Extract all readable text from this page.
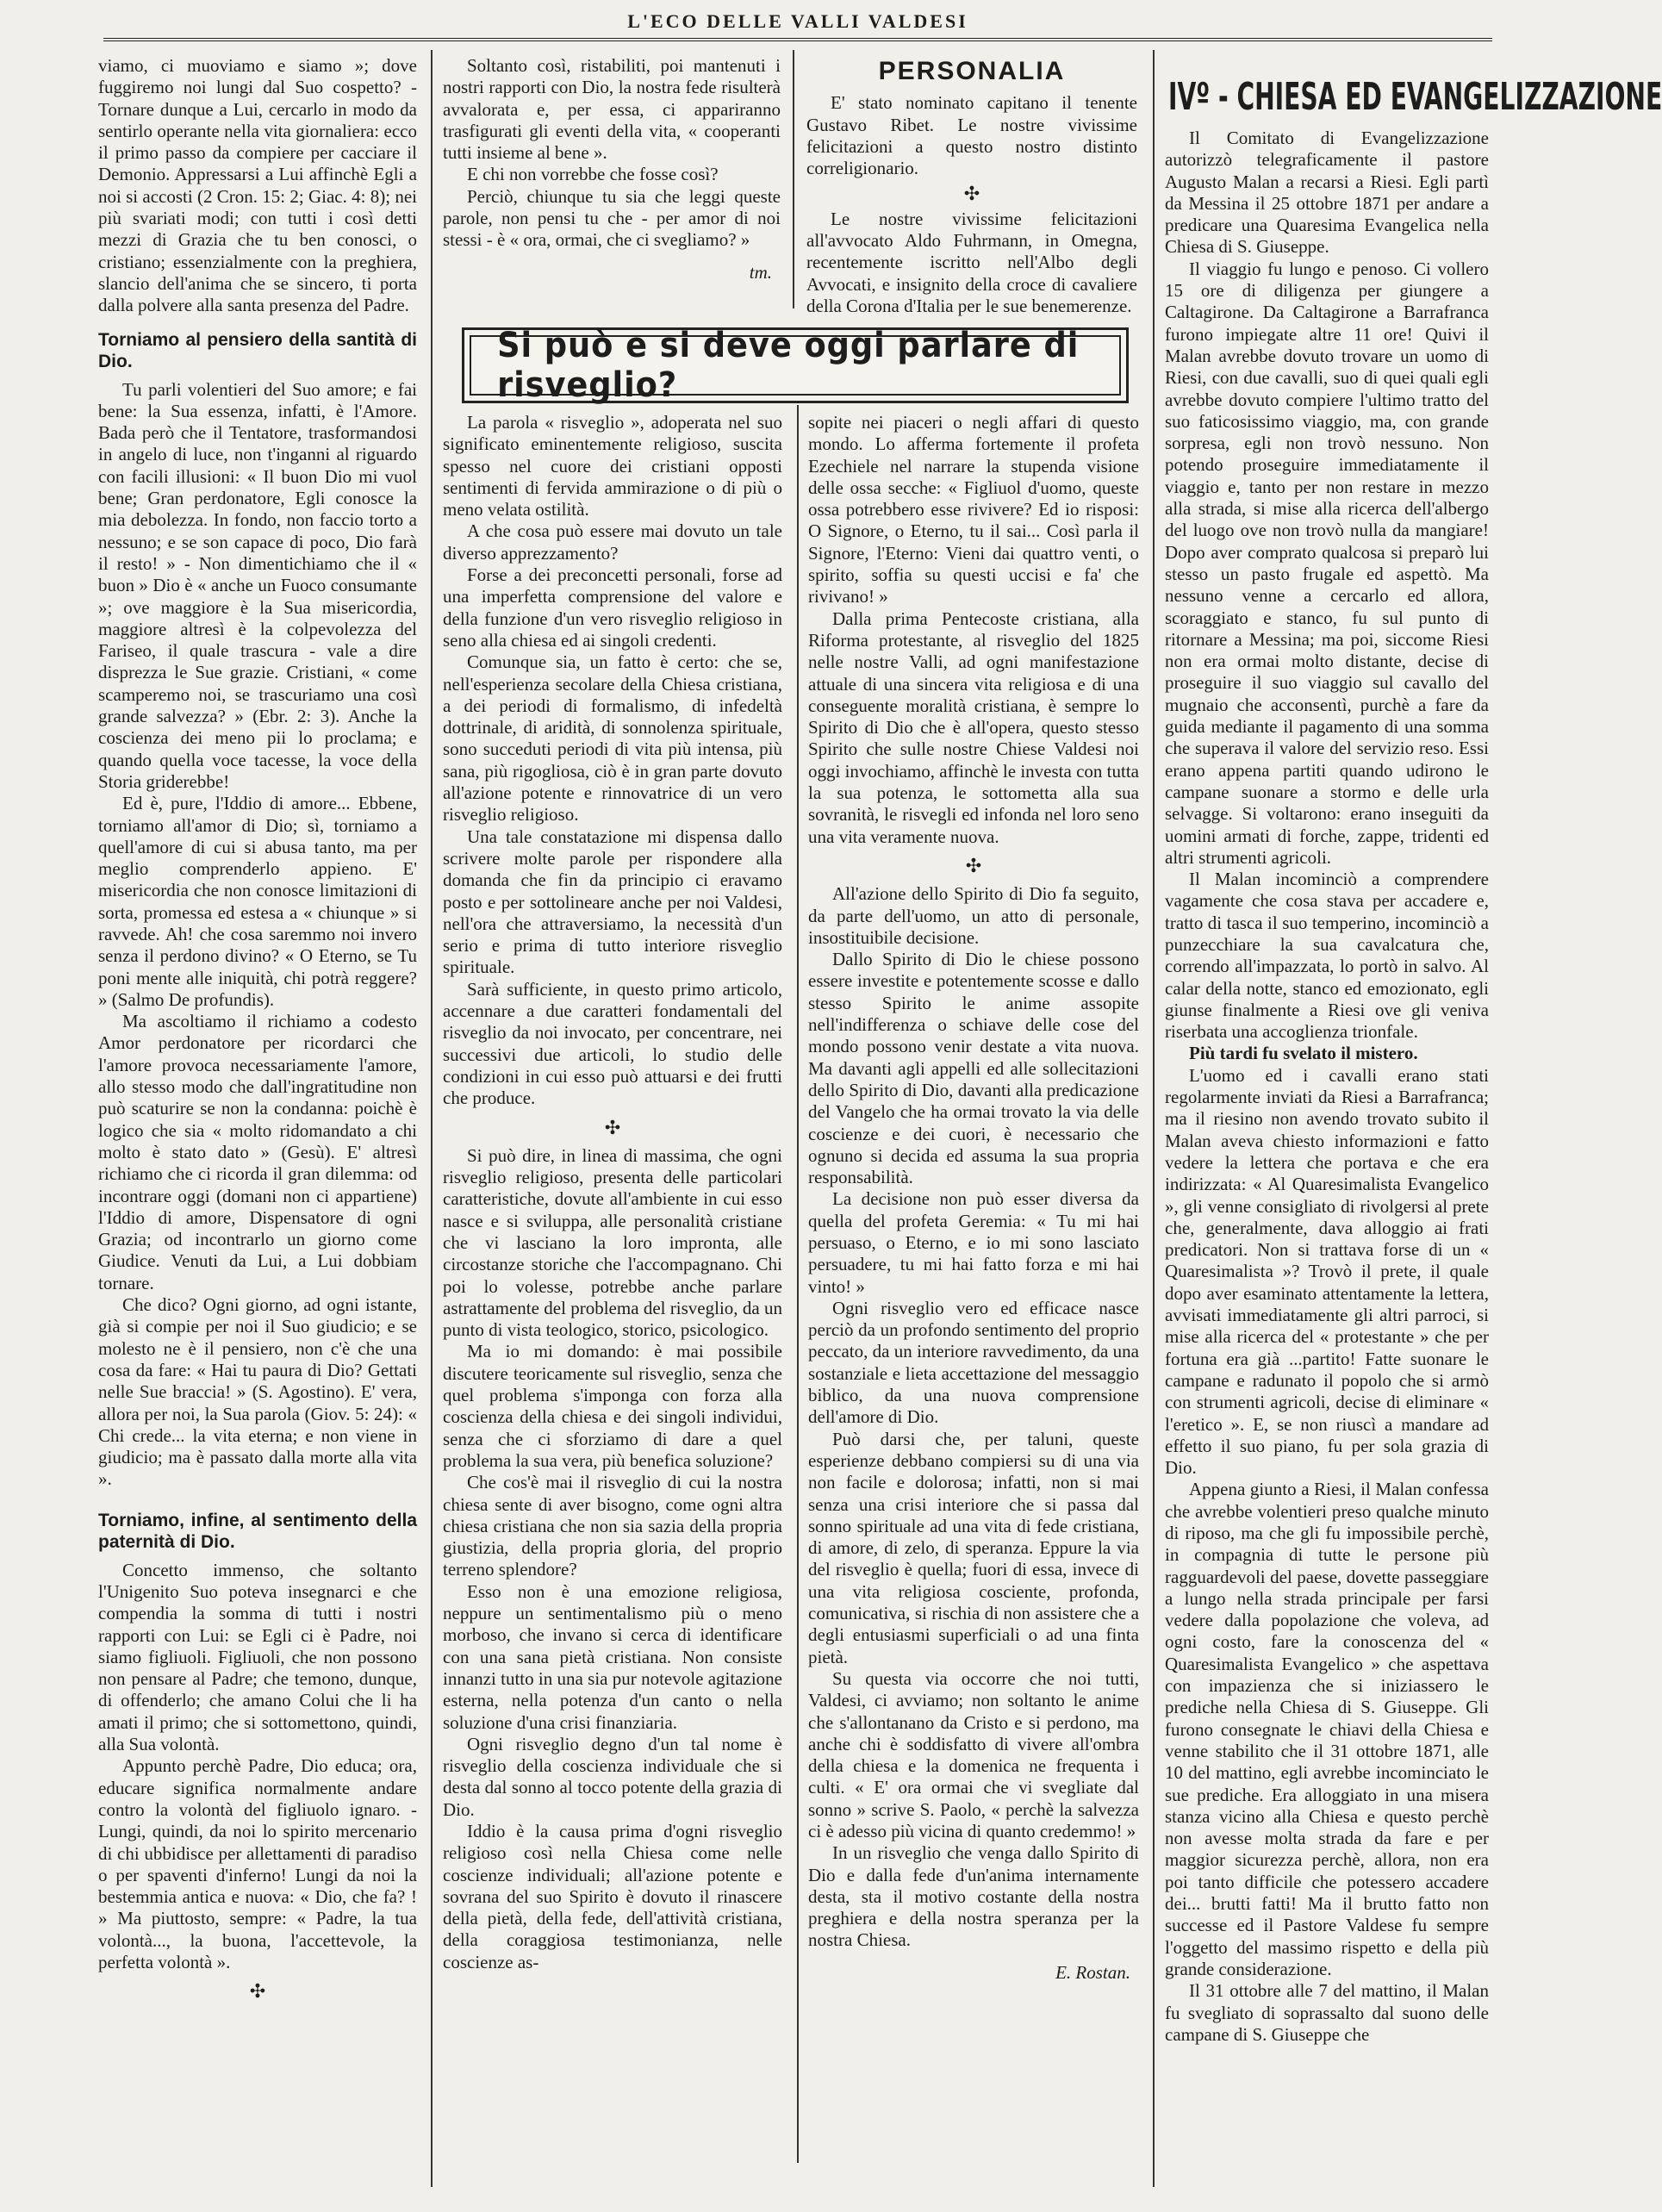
L'ECO DELLE VALLI VALDESI

viamo, ci muoviamo e siamo »; dove fuggiremo noi lungi dal Suo cospetto? - Tornare dunque a Lui, cercarlo in modo da sentirlo operante nella vita giornaliera: ecco il primo passo da compiere per cacciare il Demonio. Appressarsi a Lui affinchè Egli a noi si accosti (2 Cron. 15: 2; Giac. 4: 8); nei più svariati modi; con tutti i così detti mezzi di Grazia che tu ben conosci, o cristiano; essenzialmente con la preghiera, slancio dell'anima che se sincero, ti porta dalla polvere alla santa presenza del Padre.

Torniamo al pensiero della santità di Dio.

Tu parli volentieri del Suo amore; e fai bene: la Sua essenza, infatti, è l'Amore. Bada però che il Tentatore, trasformandosi in angelo di luce, non t'inganni al riguardo con facili illusioni: « Il buon Dio mi vuol bene; Gran perdonatore, Egli conosce la mia debolezza. In fondo, non faccio torto a nessuno; e se son capace di poco, Dio farà il resto! » - Non dimentichiamo che il « buon » Dio è « anche un Fuoco consumante »; ove maggiore è la Sua misericordia, maggiore altresì è la colpevolezza del Fariseo, il quale trascura - vale a dire disprezza le Sue grazie. Cristiani, « come scamperemo noi, se trascuriamo una così grande salvezza? » (Ebr. 2: 3). Anche la coscienza dei meno pii lo proclama; e quando quella voce tacesse, la voce della Storia griderebbe!

Ed è, pure, l'Iddio di amore... Ebbene, torniamo all'amor di Dio; sì, torniamo a quell'amore di cui si abusa tanto, ma per meglio comprenderlo appieno. E' misericordia che non conosce limitazioni di sorta, promessa ed estesa a « chiunque » si ravvede. Ah! che cosa saremmo noi invero senza il perdono divino? « O Eterno, se Tu poni mente alle iniquità, chi potrà reggere? » (Salmo De profundis).

Ma ascoltiamo il richiamo a codesto Amor perdonatore per ricordarci che l'amore provoca necessariamente l'amore, allo stesso modo che dall'ingratitudine non può scaturire se non la condanna: poichè è logico che sia « molto ridomandato a chi molto è stato dato » (Gesù). E' altresì richiamo che ci ricorda il gran dilemma: od incontrare oggi (domani non ci appartiene) l'Iddio di amore, Dispensatore di ogni Grazia; od incontrarlo un giorno come Giudice. Venuti da Lui, a Lui dobbiam tornare.

Che dico? Ogni giorno, ad ogni istante, già si compie per noi il Suo giudicio; e se molesto ne è il pensiero, non c'è che una cosa da fare: « Hai tu paura di Dio? Gettati nelle Sue braccia! » (S. Agostino). E' vera, allora per noi, la Sua parola (Giov. 5: 24): « Chi crede... la vita eterna; e non viene in giudicio; ma è passato dalla morte alla vita ».

Torniamo, infine, al sentimento della paternità di Dio.

Concetto immenso, che soltanto l'Unigenito Suo poteva insegnarci e che compendia la somma di tutti i nostri rapporti con Lui: se Egli ci è Padre, noi siamo figliuoli. Figliuoli, che non possono non pensare al Padre; che temono, dunque, di offenderlo; che amano Colui che li ha amati il primo; che si sottomettono, quindi, alla Sua volontà.

Appunto perchè Padre, Dio educa; ora, educare significa normalmente andare contro la volontà del figliuolo ignaro. - Lungi, quindi, da noi lo spirito mercenario di chi ubbidisce per allettamenti di paradiso o per spaventi d'inferno! Lungi da noi la bestemmia antica e nuova: « Dio, che fa? ! » Ma piuttosto, sempre: « Padre, la tua volontà..., la buona, l'accettevole, la perfetta volontà ».

✣

Soltanto così, ristabiliti, poi mantenuti i nostri rapporti con Dio, la nostra fede risulterà avvalorata e, per essa, ci appariranno trasfigurati gli eventi della vita, « cooperanti tutti insieme al bene ».

E chi non vorrebbe che fosse così?

Perciò, chiunque tu sia che leggi queste parole, non pensi tu che - per amor di noi stessi - è « ora, ormai, che ci svegliamo? »

tm.
PERSONALIA

E' stato nominato capitano il tenente Gustavo Ribet. Le nostre vivissime felicitazioni a questo nostro distinto correligionario.

✣

Le nostre vivissime felicitazioni all'avvocato Aldo Fuhrmann, in Omegna, recentemente iscritto nell'Albo degli Avvocati, e insignito della croce di cavaliere della Corona d'Italia per le sue benemerenze.

Si può e si deve oggi parlare di risveglio?

La parola « risveglio », adoperata nel suo significato eminentemente religioso, suscita spesso nel cuore dei cristiani opposti sentimenti di fervida ammirazione o di più o meno velata ostilità.

A che cosa può essere mai dovuto un tale diverso apprezzamento?

Forse a dei preconcetti personali, forse ad una imperfetta comprensione del valore e della funzione d'un vero risveglio religioso in seno alla chiesa ed ai singoli credenti.

Comunque sia, un fatto è certo: che se, nell'esperienza secolare della Chiesa cristiana, a dei periodi di formalismo, di infedeltà dottrinale, di aridità, di sonnolenza spirituale, sono succeduti periodi di vita più intensa, più sana, più rigogliosa, ciò è in gran parte dovuto all'azione potente e rinnovatrice di un vero risveglio religioso.

Una tale constatazione mi dispensa dallo scrivere molte parole per rispondere alla domanda che fin da principio ci eravamo posto e per sottolineare anche per noi Valdesi, nell'ora che attraversiamo, la necessità d'un serio e prima di tutto interiore risveglio spirituale.

Sarà sufficiente, in questo primo articolo, accennare a due caratteri fondamentali del risveglio da noi invocato, per concentrare, nei successivi due articoli, lo studio delle condizioni in cui esso può attuarsi e dei frutti che produce.

✣

Si può dire, in linea di massima, che ogni risveglio religioso, presenta delle particolari caratteristiche, dovute all'ambiente in cui esso nasce e si sviluppa, alle personalità cristiane che vi lasciano la loro impronta, alle circostanze storiche che l'accompagnano. Chi poi lo volesse, potrebbe anche parlare astrattamente del problema del risveglio, da un punto di vista teologico, storico, psicologico.

Ma io mi domando: è mai possibile discutere teoricamente sul risveglio, senza che quel problema s'imponga con forza alla coscienza della chiesa e dei singoli individui, senza che ci sforziamo di dare a quel problema la sua vera, più benefica soluzione?

Che cos'è mai il risveglio di cui la nostra chiesa sente di aver bisogno, come ogni altra chiesa cristiana che non sia sazia della propria giustizia, della propria gloria, del proprio terreno splendore?

Esso non è una emozione religiosa, neppure un sentimentalismo più o meno morboso, che invano si cerca di identificare con una sana pietà cristiana. Non consiste innanzi tutto in una sia pur notevole agitazione esterna, nella potenza d'un canto o nella soluzione d'una crisi finanziaria.

Ogni risveglio degno d'un tal nome è risveglio della coscienza individuale che si desta dal sonno al tocco potente della grazia di Dio.

Iddio è la causa prima d'ogni risveglio religioso così nella Chiesa come nelle coscienze individuali; all'azione potente e sovrana del suo Spirito è dovuto il rinascere della pietà, della fede, dell'attività cristiana, della coraggiosa testimonianza, nelle coscienze as-

sopite nei piaceri o negli affari di questo mondo. Lo afferma fortemente il profeta Ezechiele nel narrare la stupenda visione delle ossa secche: « Figliuol d'uomo, queste ossa potrebbero esse rivivere? Ed io risposi: O Signore, o Eterno, tu il sai... Così parla il Signore, l'Eterno: Vieni dai quattro venti, o spirito, soffia su questi uccisi e fa' che rivivano! »

Dalla prima Pentecoste cristiana, alla Riforma protestante, al risveglio del 1825 nelle nostre Valli, ad ogni manifestazione attuale di una sincera vita religiosa e di una conseguente moralità cristiana, è sempre lo Spirito di Dio che è all'opera, questo stesso Spirito che sulle nostre Chiese Valdesi noi oggi invochiamo, affinchè le investa con tutta la sua potenza, le sottometta alla sua sovranità, le risvegli ed infonda nel loro seno una vita veramente nuova.

✣

All'azione dello Spirito di Dio fa seguito, da parte dell'uomo, un atto di personale, insostituibile decisione.

Dallo Spirito di Dio le chiese possono essere investite e potentemente scosse e dallo stesso Spirito le anime assopite nell'indifferenza o schiave delle cose del mondo possono venir destate a vita nuova. Ma davanti agli appelli ed alle sollecitazioni dello Spirito di Dio, davanti alla predicazione del Vangelo che ha ormai trovato la via delle coscienze e dei cuori, è necessario che ognuno si decida ed assuma la sua propria responsabilità.

La decisione non può esser diversa da quella del profeta Geremia: « Tu mi hai persuaso, o Eterno, e io mi sono lasciato persuadere, tu mi hai fatto forza e mi hai vinto! »

Ogni risveglio vero ed efficace nasce perciò da un profondo sentimento del proprio peccato, da un interiore ravvedimento, da una sostanziale e lieta accettazione del messaggio biblico, da una nuova comprensione dell'amore di Dio.

Può darsi che, per taluni, queste esperienze debbano compiersi su di una via non facile e dolorosa; infatti, non si mai senza una crisi interiore che si passa dal sonno spirituale ad una vita di fede cristiana, di amore, di zelo, di speranza. Eppure la via del risveglio è quella; fuori di essa, invece di una vita religiosa cosciente, profonda, comunicativa, si rischia di non assistere che a degli entusiasmi superficiali o ad una finta pietà.

Su questa via occorre che noi tutti, Valdesi, ci avviamo; non soltanto le anime che s'allontanano da Cristo e si perdono, ma anche chi è soddisfatto di vivere all'ombra della chiesa e la domenica ne frequenta i culti. « E' ora ormai che vi svegliate dal sonno » scrive S. Paolo, « perchè la salvezza ci è adesso più vicina di quanto credemmo! »

In un risveglio che venga dallo Spirito di Dio e dalla fede d'un'anima internamente desta, sta il motivo costante della nostra preghiera e della nostra speranza per la nostra Chiesa.

E. Rostan.
IVº - CHIESA ED EVANGELIZZAZIONE

Il Comitato di Evangelizzazione autorizzò telegraficamente il pastore Augusto Malan a recarsi a Riesi. Egli partì da Messina il 25 ottobre 1871 per andare a predicare una Quaresima Evangelica nella Chiesa di S. Giuseppe.

Il viaggio fu lungo e penoso. Ci vollero 15 ore di diligenza per giungere a Caltagirone. Da Caltagirone a Barrafranca furono impiegate altre 11 ore! Quivi il Malan avrebbe dovuto trovare un uomo di Riesi, con due cavalli, suo di quei quali egli avrebbe dovuto compiere l'ultimo tratto del suo faticosissimo viaggio, ma, con grande sorpresa, egli non trovò nessuno. Non potendo proseguire immediatamente il viaggio e, tanto per non restare in mezzo alla strada, si mise alla ricerca dell'albergo del luogo ove non trovò nulla da mangiare! Dopo aver comprato qualcosa si preparò lui stesso un pasto frugale ed aspettò. Ma nessuno venne a cercarlo ed allora, scoraggiato e stanco, fu sul punto di ritornare a Messina; ma poi, siccome Riesi non era ormai molto distante, decise di proseguire il suo viaggio sul cavallo del mugnaio che acconsentì, purchè a fare da guida mediante il pagamento di una somma che superava il valore del servizio reso. Essi erano appena partiti quando udirono le campane suonare a stormo e delle urla selvagge. Si voltarono: erano inseguiti da uomini armati di forche, zappe, tridenti ed altri strumenti agricoli.

Il Malan incominciò a comprendere vagamente che cosa stava per accadere e, tratto di tasca il suo temperino, incominciò a punzecchiare la sua cavalcatura che, correndo all'impazzata, lo portò in salvo. Al calar della notte, stanco ed emozionato, egli giunse finalmente a Riesi ove gli veniva riserbata una accoglienza trionfale.

Più tardi fu svelato il mistero.

L'uomo ed i cavalli erano stati regolarmente inviati da Riesi a Barrafranca; ma il riesino non avendo trovato subito il Malan aveva chiesto informazioni e fatto vedere la lettera che portava e che era indirizzata: « Al Quaresimalista Evangelico », gli venne consigliato di rivolgersi al prete che, generalmente, dava alloggio ai frati predicatori. Non si trattava forse di un « Quaresimalista »? Trovò il prete, il quale dopo aver esaminato attentamente la lettera, avvisati immediatamente gli altri parroci, si mise alla ricerca del « protestante » che per fortuna era già ...partito! Fatte suonare le campane e radunato il popolo che si armò con strumenti agricoli, decise di eliminare « l'eretico ». E, se non riuscì a mandare ad effetto il suo piano, fu per sola grazia di Dio.

Appena giunto a Riesi, il Malan confessa che avrebbe volentieri preso qualche minuto di riposo, ma che gli fu impossibile perchè, in compagnia di tutte le persone più ragguardevoli del paese, dovette passeggiare a lungo nella strada principale per farsi vedere dalla popolazione che voleva, ad ogni costo, fare la conoscenza del « Quaresimalista Evangelico » che aspettava con impazienza che si iniziassero le prediche nella Chiesa di S. Giuseppe. Gli furono consegnate le chiavi della Chiesa e venne stabilito che il 31 ottobre 1871, alle 10 del mattino, egli avrebbe incominciato le sue prediche. Era alloggiato in una misera stanza vicino alla Chiesa e questo perchè non avesse molta strada da fare e per maggior sicurezza perchè, allora, non era poi tanto difficile che potessero accadere dei... brutti fatti! Ma il brutto fatto non successe ed il Pastore Valdese fu sempre l'oggetto del massimo rispetto e della più grande considerazione.

Il 31 ottobre alle 7 del mattino, il Malan fu svegliato di soprassalto dal suono delle campane di S. Giuseppe che
